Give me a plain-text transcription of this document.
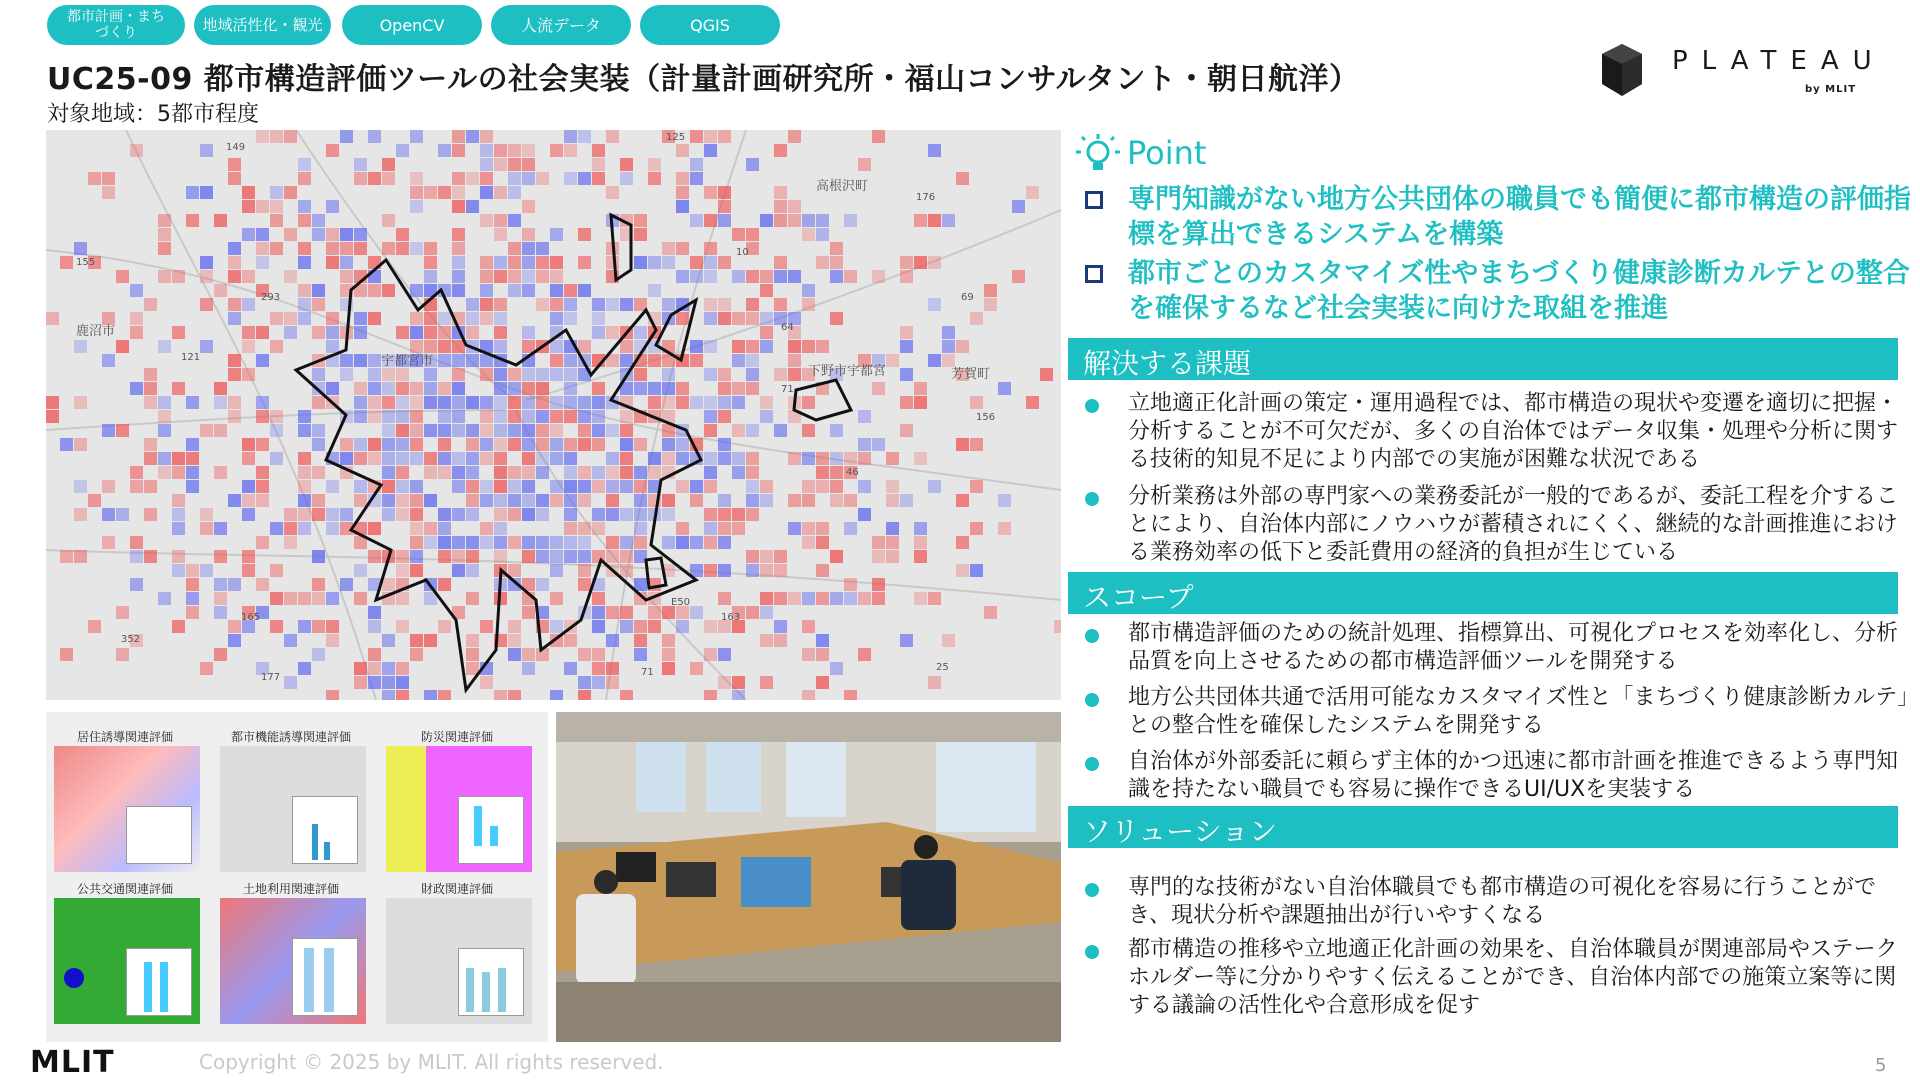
都市計画・まちづくり	地域活性化・観光	OpenCV	人流データ	QGIS
UC25-09 都市構造評価ツールの社会実装（計量計画研究所・福山コンサルタント・朝日航洋）
対象地域：5都市程度
PLATEAU
by MLIT
鹿沼市
宇都宮市
高根沢町
芳賀町
下野市宇都宮
149
125
176
121
293
10
64
69
156
165
155
352
177	71
E50
163
46
25
71
居住誘導関連評価	都市機能誘導関連評価	防災関連評価
公共交通関連評価	土地利用関連評価	財政関連評価
Point
専門知識がない地方公共団体の職員でも簡便に都市構造の評価指標を算出できるシステムを構築
都市ごとのカスタマイズ性やまちづくり健康診断カルテとの整合を確保するなど社会実装に向けた取組を推進
解決する課題
立地適正化計画の策定・運用過程では、都市構造の現状や変遷を適切に把握・分析することが不可欠だが、多くの自治体ではデータ収集・処理や分析に関する技術的知見不足により内部での実施が困難な状況である
分析業務は外部の専門家への業務委託が一般的であるが、委託工程を介することにより、自治体内部にノウハウが蓄積されにくく、継続的な計画推進における業務効率の低下と委託費用の経済的負担が生じている
スコープ
都市構造評価のための統計処理、指標算出、可視化プロセスを効率化し、分析品質を向上させるための都市構造評価ツールを開発する
地方公共団体共通で活用可能なカスタマイズ性と「まちづくり健康診断カルテ」との整合性を確保したシステムを開発する
自治体が外部委託に頼らず主体的かつ迅速に都市計画を推進できるよう専門知識を持たない職員でも容易に操作できるUI/UXを実装する
ソリューション
専門的な技術がない自治体職員でも都市構造の可視化を容易に行うことができ、現状分析や課題抽出が行いやすくなる
都市構造の推移や立地適正化計画の効果を、自治体職員が関連部局やステークホルダー等に分かりやすく伝えることができ、自治体内部での施策立案等に関する議論の活性化や合意形成を促す
MLIT	Copyright © 2025 by MLIT. All rights reserved.	5
